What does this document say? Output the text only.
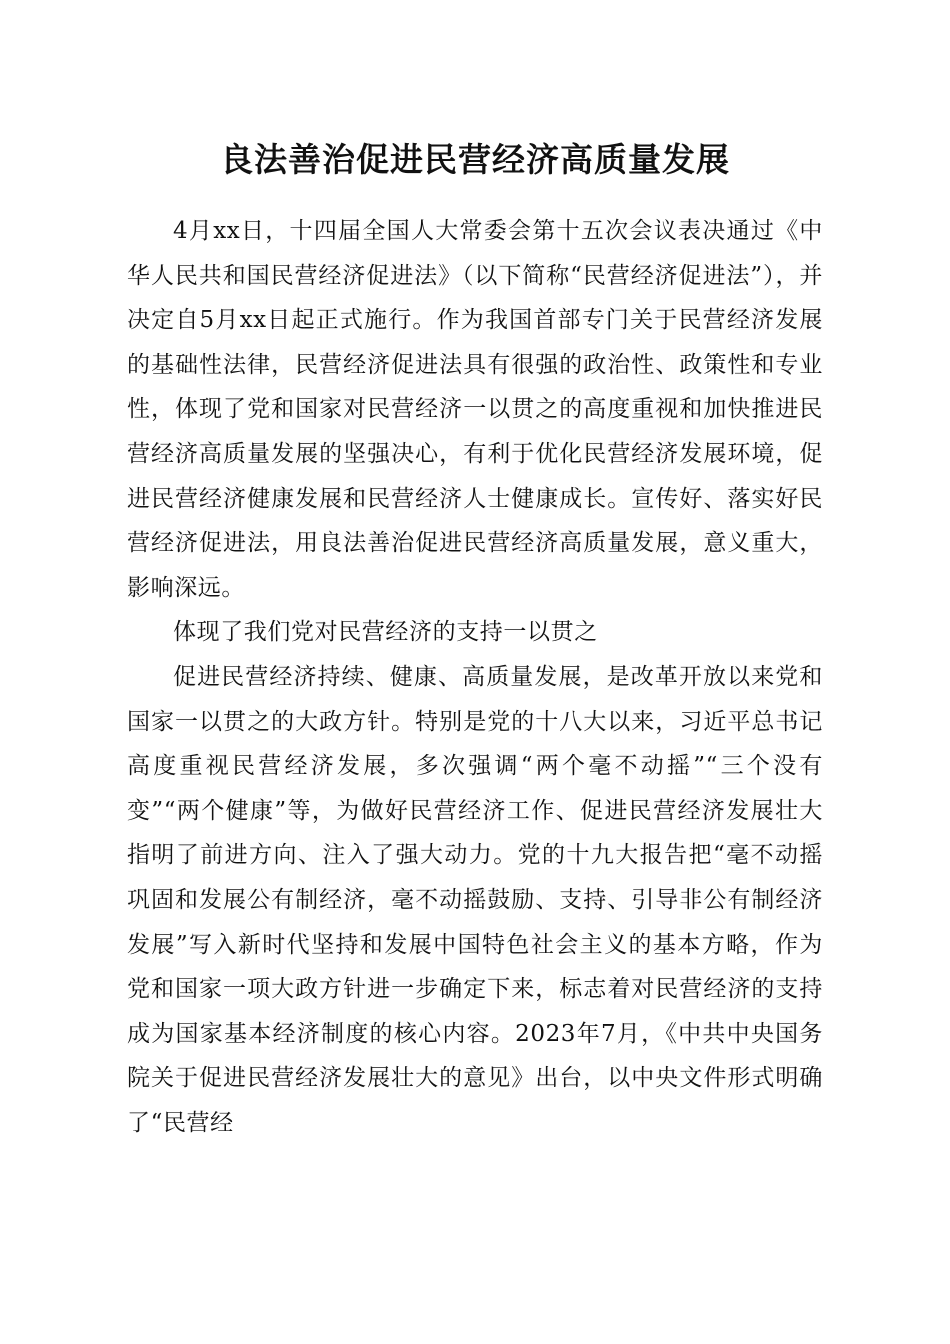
良法善治促进民营经济高质量发展

4月xx日，十四届全国人大常委会第十五次会议表决通过《中华人民共和国民营经济促进法》（以下简称“民营经济促进法”），并决定自5月xx日起正式施行。作为我国首部专门关于民营经济发展的基础性法律，民营经济促进法具有很强的政治性、政策性和专业性，体现了党和国家对民营经济一以贯之的高度重视和加快推进民营经济高质量发展的坚强决心，有利于优化民营经济发展环境，促进民营经济健康发展和民营经济人士健康成长。宣传好、落实好民营经济促进法，用良法善治促进民营经济高质量发展，意义重大，影响深远。

体现了我们党对民营经济的支持一以贯之

促进民营经济持续、健康、高质量发展，是改革开放以来党和国家一以贯之的大政方针。特别是党的十八大以来，习近平总书记高度重视民营经济发展，多次强调“两个毫不动摇”“三个没有变”“两个健康”等，为做好民营经济工作、促进民营经济发展壮大指明了前进方向、注入了强大动力。党的十九大报告把“毫不动摇巩固和发展公有制经济，毫不动摇鼓励、支持、引导非公有制经济发展”写入新时代坚持和发展中国特色社会主义的基本方略，作为党和国家一项大政方针进一步确定下来，标志着对民营经济的支持成为国家基本经济制度的核心内容。2023年7月，《中共中央国务院关于促进民营经济发展壮大的意见》出台，以中央文件形式明确了“民营经
